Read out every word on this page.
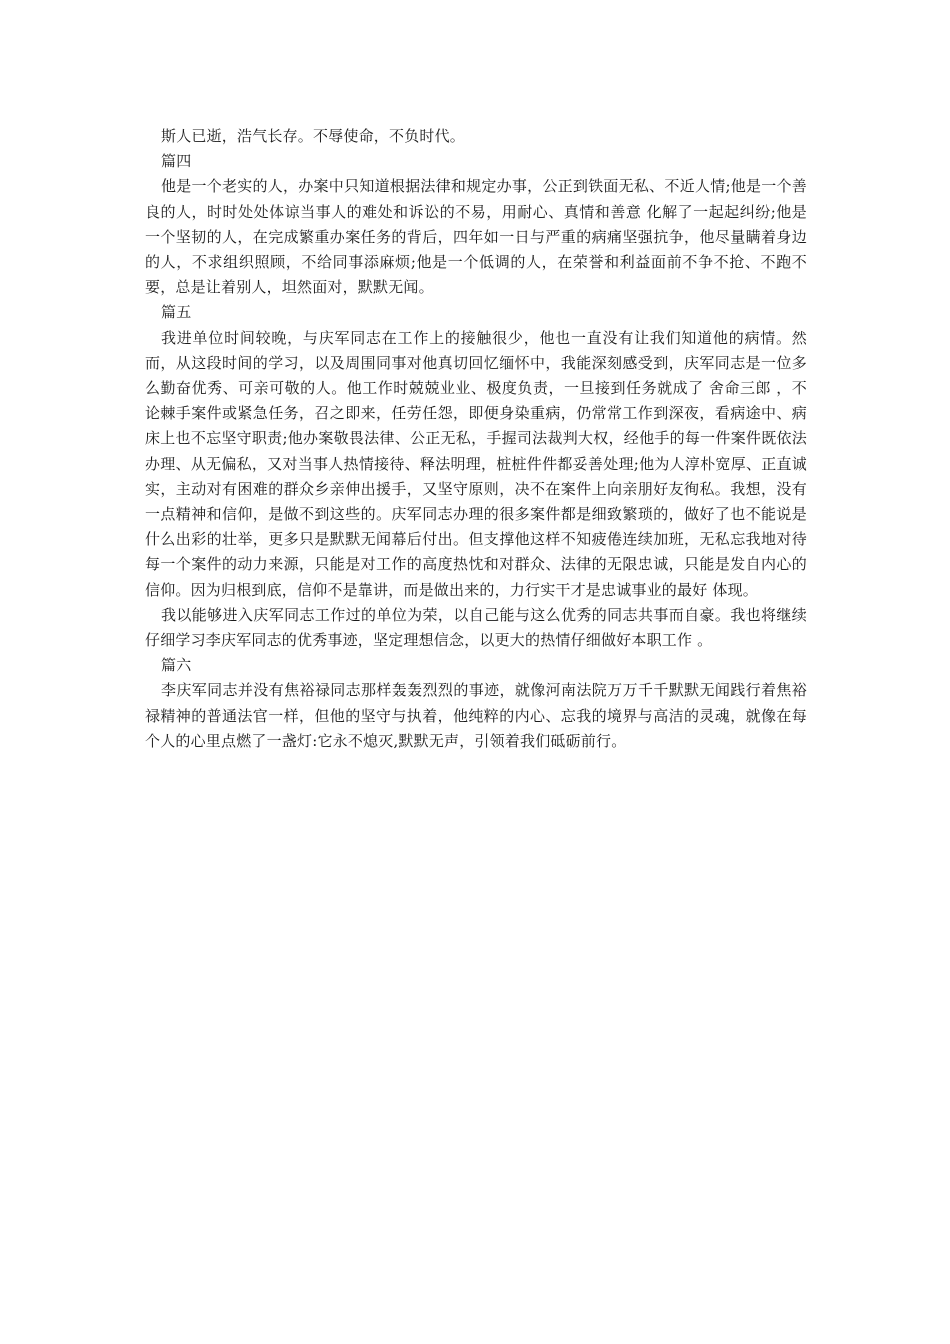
斯人已逝，浩气长存。不辱使命，不负时代。

篇四

他是一个老实的人，办案中只知道根据法律和规定办事，公正到铁面无私、不近人情;他是一个善良的人，时时处处体谅当事人的难处和诉讼的不易，用耐心、真情和善意 化解了一起起纠纷;他是一个坚韧的人，在完成繁重办案任务的背后，四年如一日与严重的病痛坚强抗争，他尽量瞒着身边的人，不求组织照顾，不给同事添麻烦;他是一个低调的人，在荣誉和利益面前不争不抢、不跑不要，总是让着别人，坦然面对，默默无闻。

篇五

我进单位时间较晚，与庆军同志在工作上的接触很少，他也一直没有让我们知道他的病情。然而，从这段时间的学习，以及周围同事对他真切回忆缅怀中，我能深刻感受到，庆军同志是一位多么勤奋优秀、可亲可敬的人。他工作时兢兢业业、极度负责，一旦接到任务就成了 舍命三郎 ，不论棘手案件或紧急任务，召之即来，任劳任怨，即便身染重病，仍常常工作到深夜，看病途中、病床上也不忘坚守职责;他办案敬畏法律、公正无私，手握司法裁判大权，经他手的每一件案件既依法办理、从无偏私，又对当事人热情接待、释法明理，桩桩件件都妥善处理;他为人淳朴宽厚、正直诚实，主动对有困难的群众乡亲伸出援手，又坚守原则，决不在案件上向亲朋好友徇私。我想，没有一点精神和信仰，是做不到这些的。庆军同志办理的很多案件都是细致繁琐的，做好了也不能说是什么出彩的壮举，更多只是默默无闻幕后付出。但支撑他这样不知疲倦连续加班，无私忘我地对待每一个案件的动力来源，只能是对工作的高度热忱和对群众、法律的无限忠诚，只能是发自内心的信仰。因为归根到底，信仰不是靠讲，而是做出来的，力行实干才是忠诚事业的最好 体现。

我以能够进入庆军同志工作过的单位为荣，以自己能与这么优秀的同志共事而自豪。我也将继续仔细学习李庆军同志的优秀事迹，坚定理想信念，以更大的热情仔细做好本职工作 。

篇六

李庆军同志并没有焦裕禄同志那样轰轰烈烈的事迹，就像河南法院万万千千默默无闻践行着焦裕禄精神的普通法官一样，但他的坚守与执着，他纯粹的内心、忘我的境界与高洁的灵魂，就像在每个人的心里点燃了一盏灯:它永不熄灭,默默无声，引领着我们砥砺前行。
